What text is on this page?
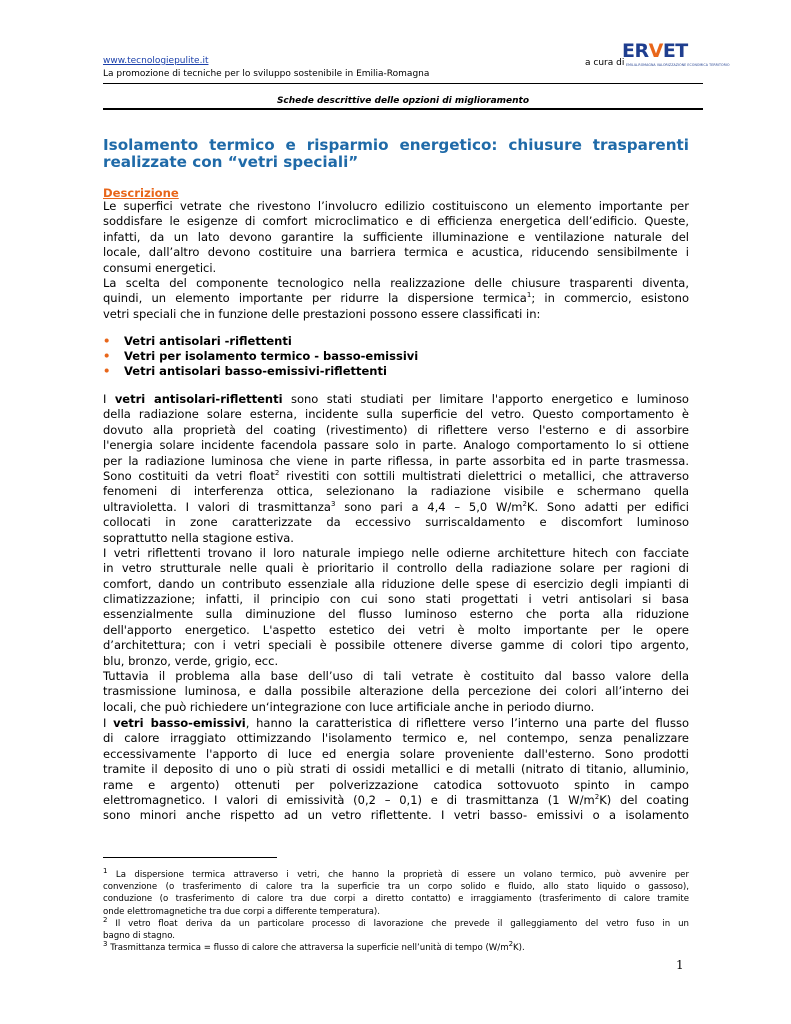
www.tecnologiepulite.it
La promozione di tecniche per lo sviluppo sostenibile in Emilia-Romagna
a cura di
ERVET
EMILIA-ROMAGNA VALORIZZAZIONE ECONOMICA TERRITORIO
Schede descrittive delle opzioni di miglioramento
Isolamento termico e risparmio energetico: chiusure trasparenti
realizzate con “vetri speciali”
Descrizione
Le superfici vetrate che rivestono l’involucro edilizio costituiscono un elemento importante per
soddisfare le esigenze di comfort microclimatico e di efficienza energetica dell’edificio. Queste,
infatti, da un lato devono garantire la sufficiente illuminazione e ventilazione naturale del
locale, dall’altro devono costituire una barriera termica e acustica, riducendo sensibilmente i
consumi energetici.
La scelta del componente tecnologico nella realizzazione delle chiusure trasparenti diventa,
quindi, un elemento importante per ridurre la dispersione termica$^1$; in commercio, esistono
vetri speciali che in funzione delle prestazioni possono essere classificati in:
• Vetri antisolari -riflettenti
• Vetri per isolamento termico - basso-emissivi
• Vetri antisolari basso-emissivi-riflettenti
I vetri antisolari-riflettenti sono stati studiati per limitare l'apporto energetico e luminoso
della radiazione solare esterna, incidente sulla superficie del vetro. Questo comportamento è
dovuto alla proprietà del coating (rivestimento) di riflettere verso l'esterno e di assorbire
l'energia solare incidente facendola passare solo in parte. Analogo comportamento lo si ottiene
per la radiazione luminosa che viene in parte riflessa, in parte assorbita ed in parte trasmessa.
Sono costituiti da vetri float$^2$ rivestiti con sottili multistrati dielettrici o metallici, che attraverso
fenomeni di interferenza ottica, selezionano la radiazione visibile e schermano quella
ultravioletta. I valori di trasmittanza$^3$ sono pari a 4,4 – 5,0 $W/m^2K$. Sono adatti per edifici
collocati in zone caratterizzate da eccessivo surriscaldamento e discomfort luminoso
soprattutto nella stagione estiva.
I vetri riflettenti trovano il loro naturale impiego nelle odierne architetture hitech con facciate
in vetro strutturale nelle quali è prioritario il controllo della radiazione solare per ragioni di
comfort, dando un contributo essenziale alla riduzione delle spese di esercizio degli impianti di
climatizzazione; infatti, il principio con cui sono stati progettati i vetri antisolari si basa
essenzialmente sulla diminuzione del flusso luminoso esterno che porta alla riduzione
dell'apporto energetico. L'aspetto estetico dei vetri è molto importante per le opere
d’architettura; con i vetri speciali è possibile ottenere diverse gamme di colori tipo argento,
blu, bronzo, verde, grigio, ecc.
Tuttavia il problema alla base dell’uso di tali vetrate è costituito dal basso valore della
trasmissione luminosa, e dalla possibile alterazione della percezione dei colori all’interno dei
locali, che può richiedere un‘integrazione con luce artificiale anche in periodo diurno.
I vetri basso-emissivi, hanno la caratteristica di riflettere verso l’interno una parte del flusso
di calore irraggiato ottimizzando l'isolamento termico e, nel contempo, senza penalizzare
eccessivamente l'apporto di luce ed energia solare proveniente dall'esterno. Sono prodotti
tramite il deposito di uno o più strati di ossidi metallici e di metalli (nitrato di titanio, alluminio,
rame e argento) ottenuti per polverizzazione catodica sottovuoto spinto in campo
elettromagnetico. I valori di emissività (0,2 – 0,1) e di trasmittanza (1 $W/m^2K$) del coating
sono minori anche rispetto ad un vetro riflettente. I vetri basso- emissivi o a isolamento
$^1$ La dispersione termica attraverso i vetri, che hanno la proprietà di essere un volano termico, può avvenire per
convenzione (o trasferimento di calore tra la superficie tra un corpo solido e fluido, allo stato liquido o gassoso),
conduzione (o trasferimento di calore tra due corpi a diretto contatto) e irraggiamento (trasferimento di calore tramite
onde elettromagnetiche tra due corpi a differente temperatura).
$^2$ Il vetro float deriva da un particolare processo di lavorazione che prevede il galleggiamento del vetro fuso in un
bagno di stagno.
$^3$ Trasmittanza termica = flusso di calore che attraversa la superficie nell’unità di tempo $(W/m^2K)$.
1
